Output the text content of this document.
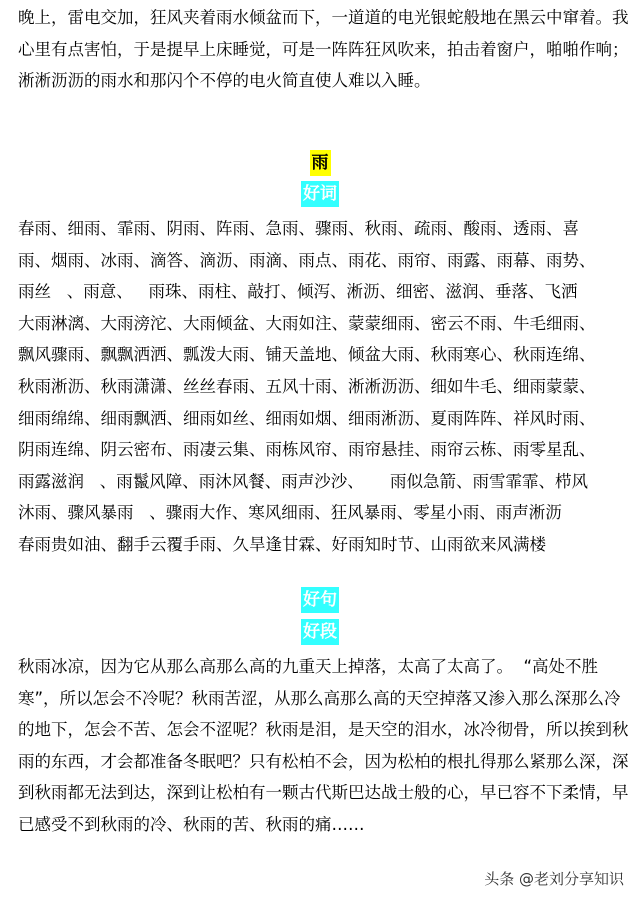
晚上，雷电交加，狂风夹着雨水倾盆而下，一道道的电光银蛇般地在黑云中窜着。我心里有点害怕，于是提早上床睡觉，可是一阵阵狂风吹来，拍击着窗户，啪啪作响；淅淅沥沥的雨水和那闪个不停的电火简直使人难以入睡。

雨
好词
春雨、细雨、霏雨、阴雨、阵雨、急雨、骤雨、秋雨、疏雨、酸雨、透雨、喜
雨、烟雨、冰雨、滴答、滴沥、雨滴、雨点、雨花、雨帘、雨露、雨幕、雨势、
雨丝   、雨意、   雨珠、雨柱、敲打、倾泻、淅沥、细密、滋润、垂落、飞洒
大雨淋漓、大雨滂沱、大雨倾盆、大雨如注、蒙蒙细雨、密云不雨、牛毛细雨、
飘风骤雨、飘飘洒洒、瓢泼大雨、铺天盖地、倾盆大雨、秋雨寒心、秋雨连绵、
秋雨淅沥、秋雨潇潇、丝丝春雨、五风十雨、淅淅沥沥、细如牛毛、细雨蒙蒙、
细雨绵绵、细雨飘洒、细雨如丝、细雨如烟、细雨淅沥、夏雨阵阵、祥风时雨、
阴雨连绵、阴云密布、雨凄云集、雨栋风帘、雨帘悬挂、雨帘云栋、雨零星乱、
雨露滋润   、雨鬣风障、雨沐风餐、雨声沙沙、     雨似急箭、雨雪霏霏、栉风
沐雨、骤风暴雨   、骤雨大作、寒风细雨、狂风暴雨、零星小雨、雨声淅沥
春雨贵如油、翻手云覆手雨、久旱逢甘霖、好雨知时节、山雨欲来风满楼
好句
好段

秋雨冰凉，因为它从那么高那么高的九重天上掉落，太高了太高了。  “高处不胜寒”，所以怎会不冷呢？秋雨苦涩，从那么高那么高的天空掉落又渗入那么深那么冷的地下，怎会不苦、怎会不涩呢？秋雨是泪，是天空的泪水，冰冷彻骨，所以挨到秋雨的东西，才会都准备冬眠吧？只有松柏不会，因为松柏的根扎得那么紧那么深，深到秋雨都无法到达，深到让松柏有一颗古代斯巴达战士般的心，早已容不下柔情，早已感受不到秋雨的冷、秋雨的苦、秋雨的痛……

头条 @老刘分享知识
